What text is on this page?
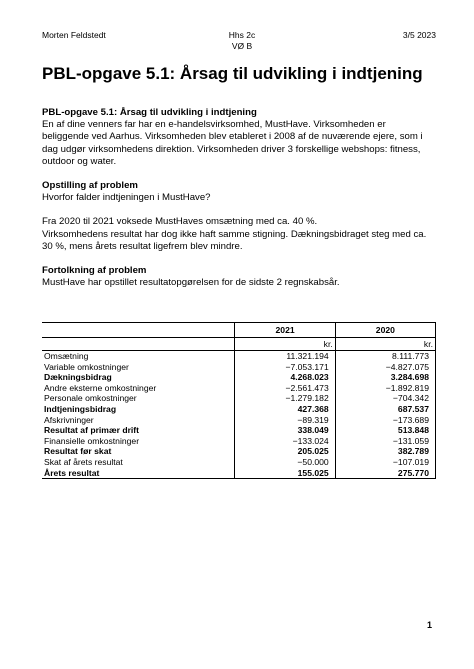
Morten Feldstedt	Hhs 2c
VØ B
3/5 2023
PBL-opgave 5.1: Årsag til udvikling i indtjening

PBL-opgave 5.1: Årsag til udvikling i indtjening

En af dine venners far har en e-handelsvirksomhed, MustHave. Virksomheden er beliggende ved Aarhus. Virksomheden blev etableret i 2008 af de nuværende ejere, som i dag udgør virksomhedens direktion. Virksomheden driver 3 forskellige webshops: fitness, outdoor og water.

Opstilling af problem

Hvorfor falder indtjeningen i MustHave?

Fra 2020 til 2021 voksede MustHaves omsætning med ca. 40 %.

Virksomhedens resultat har dog ikke haft samme stigning. Dækningsbidraget steg med ca. 30 %, mens årets resultat ligefrem blev mindre.

Fortolkning af problem

MustHave har opstillet resultatopgørelsen for de sidste 2 regnskabsår.

	2021	2020
	kr.	kr.
Omsætning	11.321.194	8.111.773
Variable omkostninger	−7.053.171	−4.827.075
Dækningsbidrag	4.268.023	3.284.698
Andre eksterne omkostninger	−2.561.473	−1.892.819
Personale omkostninger	−1.279.182	−704.342
Indtjeningsbidrag	427.368	687.537
Afskrivninger	−89.319	−173.689
Resultat af primær drift	338.049	513.848
Finansielle omkostninger	−133.024	−131.059
Resultat før skat	205.025	382.789
Skat af årets resultat	−50.000	−107.019
Årets resultat	155.025	275.770
1
